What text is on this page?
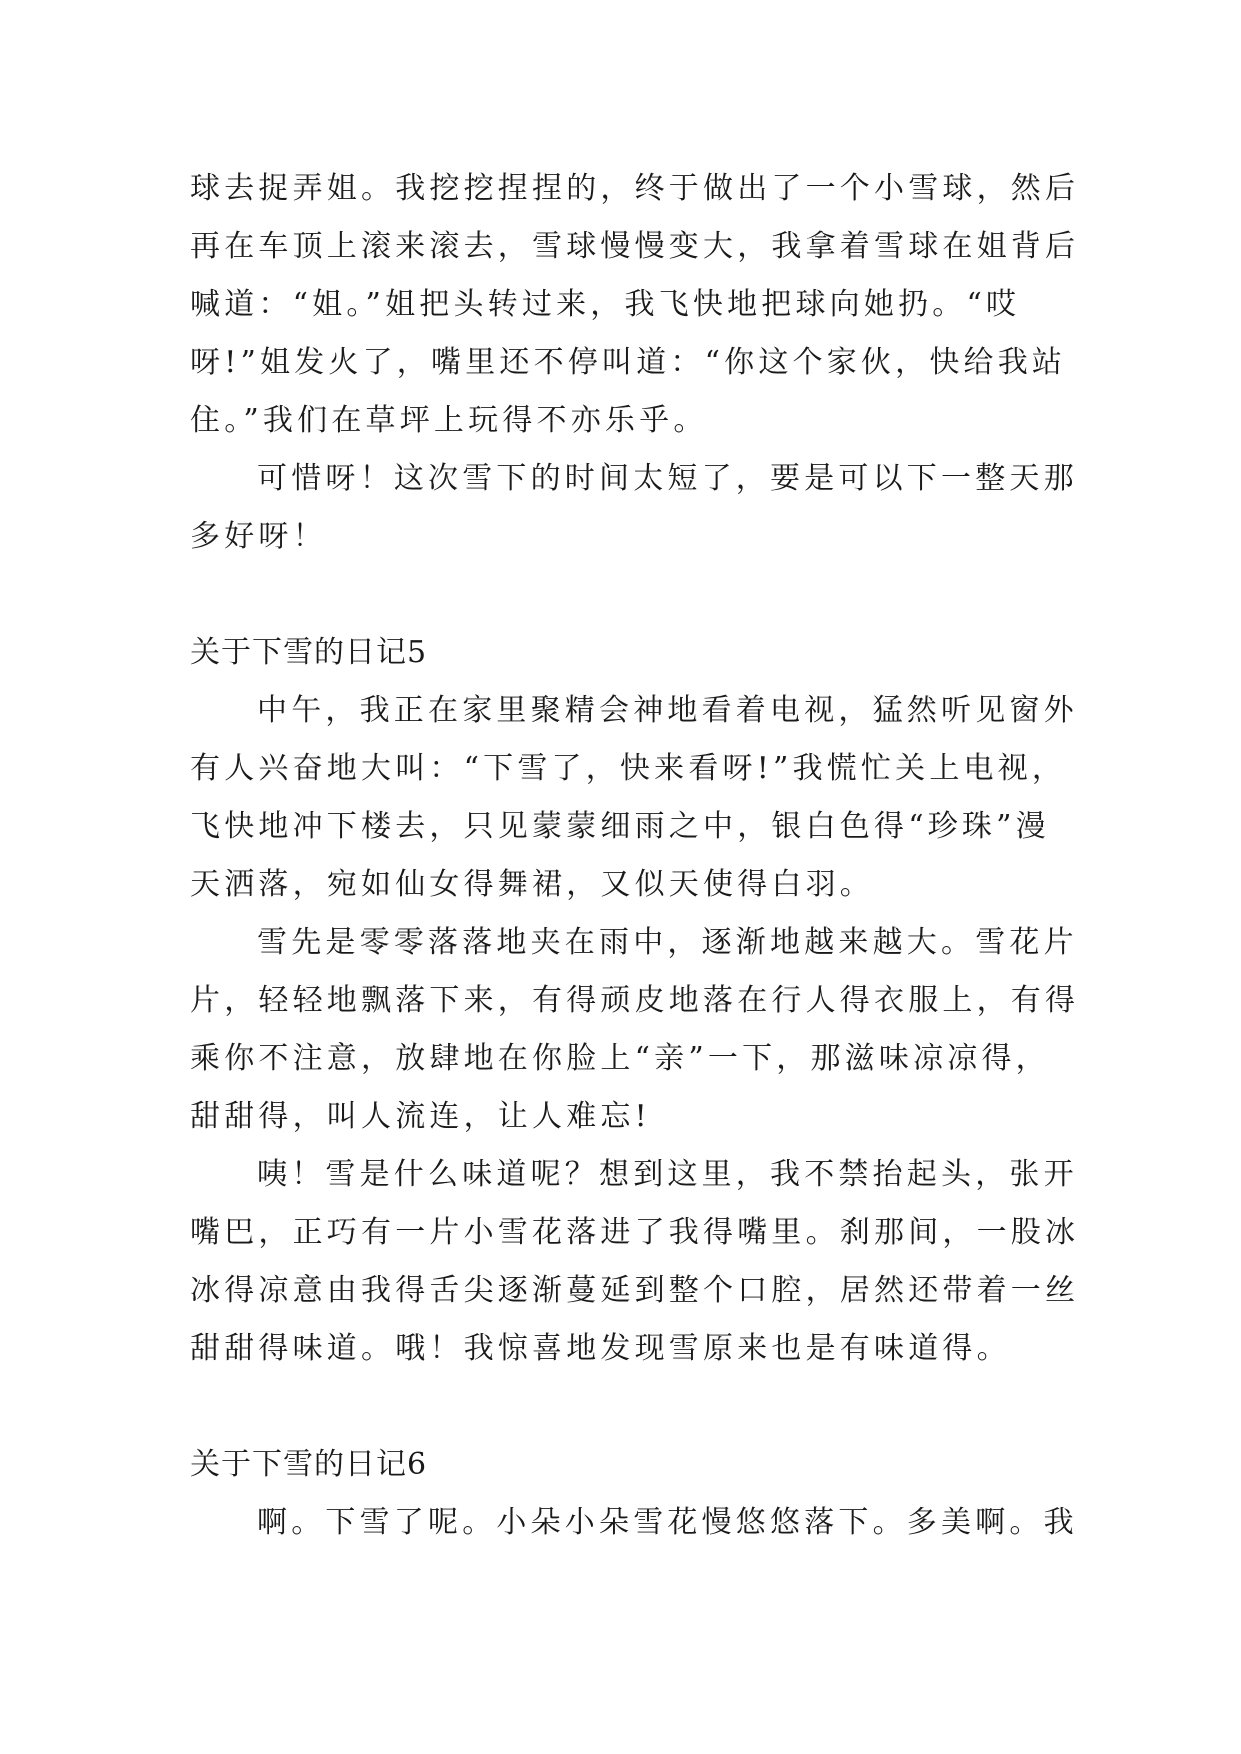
球去捉弄姐。我挖挖捏捏的，终于做出了一个小雪球，然后
再在车顶上滚来滚去，雪球慢慢变大，我拿着雪球在姐背后
喊道：“姐。”姐把头转过来，我飞快地把球向她扔。“哎
呀!”姐发火了，嘴里还不停叫道：“你这个家伙，快给我站
住。”我们在草坪上玩得不亦乐乎。
可惜呀！这次雪下的时间太短了，要是可以下一整天那
多好呀！
关于下雪的日记5
中午，我正在家里聚精会神地看着电视，猛然听见窗外
有人兴奋地大叫：“下雪了，快来看呀!”我慌忙关上电视，
飞快地冲下楼去，只见蒙蒙细雨之中，银白色得“珍珠”漫
天洒落，宛如仙女得舞裙，又似天使得白羽。
雪先是零零落落地夹在雨中，逐渐地越来越大。雪花片
片，轻轻地飘落下来，有得顽皮地落在行人得衣服上，有得
乘你不注意，放肆地在你脸上“亲”一下，那滋味凉凉得，
甜甜得，叫人流连，让人难忘!
咦！雪是什么味道呢？想到这里，我不禁抬起头，张开
嘴巴，正巧有一片小雪花落进了我得嘴里。刹那间，一股冰
冰得凉意由我得舌尖逐渐蔓延到整个口腔，居然还带着一丝
甜甜得味道。哦！我惊喜地发现雪原来也是有味道得。
关于下雪的日记6
啊。下雪了呢。小朵小朵雪花慢悠悠落下。多美啊。我
